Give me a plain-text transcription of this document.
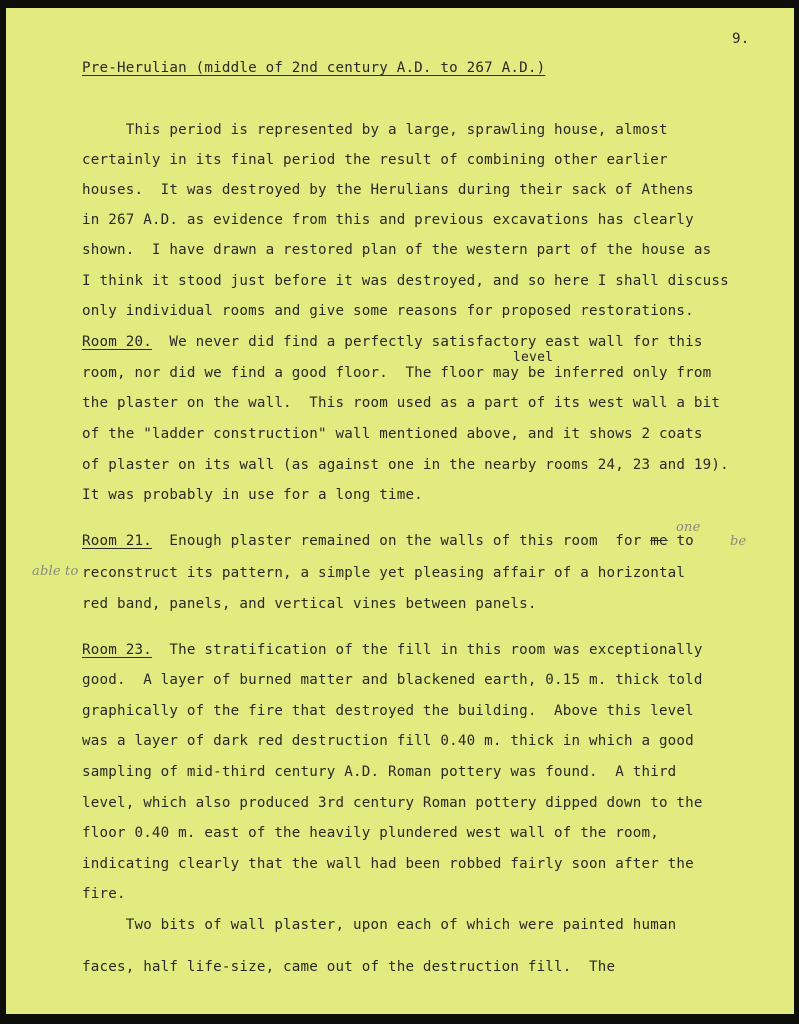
9.
Pre-Herulian (middle of 2nd century A.D. to 267 A.D.)
This period is represented by a large, sprawling house, almost
certainly in its final period the result of combining other earlier
houses.  It was destroyed by the Herulians during their sack of Athens
in 267 A.D. as evidence from this and previous excavations has clearly
shown.  I have drawn a restored plan of the western part of the house as
I think it stood just before it was destroyed, and so here I shall discuss
only individual rooms and give some reasons for proposed restorations.
Room 20.  We never did find a perfectly satisfactory east wall for this
level
room, nor did we find a good floor.  The floor may be inferred only from
the plaster on the wall.  This room used as a part of its west wall a bit
of the "ladder construction" wall mentioned above, and it shows 2 coats
of plaster on its wall (as against one in the nearby rooms 24, 23 and 19).
It was probably in use for a long time.
Room 21.  Enough plaster remained on the walls of this room  for me to
one
be
able to reconstruct its pattern, a simple yet pleasing affair of a horizontal
red band, panels, and vertical vines between panels.
Room 23.  The stratification of the fill in this room was exceptionally
good.  A layer of burned matter and blackened earth, 0.15 m. thick told
graphically of the fire that destroyed the building.  Above this level
was a layer of dark red destruction fill 0.40 m. thick in which a good
sampling of mid-third century A.D. Roman pottery was found.  A third
level, which also produced 3rd century Roman pottery dipped down to the
floor 0.40 m. east of the heavily plundered west wall of the room,
indicating clearly that the wall had been robbed fairly soon after the
fire.
Two bits of wall plaster, upon each of which were painted human
faces, half life-size, came out of the destruction fill.  The
